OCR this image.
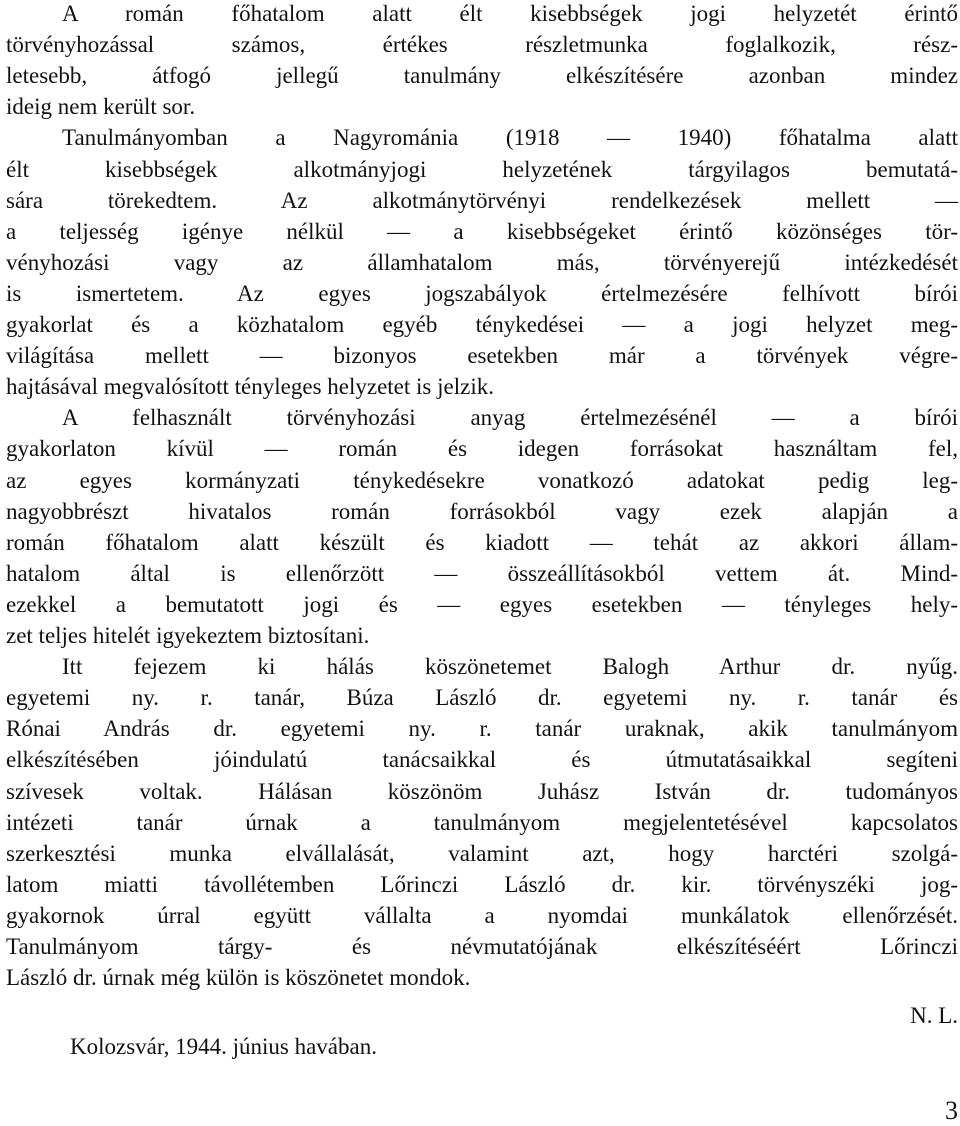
A román főhatalom alatt élt kisebbségek jogi helyzetét érintő
törvényhozással számos, értékes részletmunka foglalkozik, rész-
letesebb, átfogó jellegű tanulmány elkészítésére azonban mindez
ideig nem került sor.
Tanulmányomban a Nagyrománia (1918 — 1940) főhatalma alatt
élt kisebbségek alkotmányjogi helyzetének tárgyilagos bemutatá-
sára törekedtem. Az alkotmánytörvényi rendelkezések mellett —
a teljesség igénye nélkül — a kisebbségeket érintő közönséges tör-
vényhozási vagy az államhatalom más, törvényerejű intézkedését
is ismertetem. Az egyes jogszabályok értelmezésére felhívott bírói
gyakorlat és a közhatalom egyéb ténykedései — a jogi helyzet meg-
világítása mellett — bizonyos esetekben már a törvények végre-
hajtásával megvalósított tényleges helyzetet is jelzik.
A felhasznált törvényhozási anyag értelmezésénél — a bírói
gyakorlaton kívül — román és idegen forrásokat használtam fel,
az egyes kormányzati ténykedésekre vonatkozó adatokat pedig leg-
nagyobbrészt hivatalos román forrásokból vagy ezek alapján a
román főhatalom alatt készült és kiadott — tehát az akkori állam-
hatalom által is ellenőrzött — összeállításokból vettem át. Mind-
ezekkel a bemutatott jogi és — egyes esetekben — tényleges hely-
zet teljes hitelét igyekeztem biztosítani.
Itt fejezem ki hálás köszönetemet Balogh Arthur dr. nyűg.
egyetemi ny. r. tanár, Búza László dr. egyetemi ny. r. tanár és
Rónai András dr. egyetemi ny. r. tanár uraknak, akik tanulmányom
elkészítésében jóindulatú tanácsaikkal és útmutatásaikkal segíteni
szívesek voltak. Hálásan köszönöm Juhász István dr. tudományos
intézeti tanár úrnak a tanulmányom megjelentetésével kapcsolatos
szerkesztési munka elvállalását, valamint azt, hogy harctéri szolgá-
latom miatti távollétemben Lőrinczi László dr. kir. törvényszéki jog-
gyakornok úrral együtt vállalta a nyomdai munkálatok ellenőrzését.
Tanulmányom tárgy- és névmutatójának elkészítéséért Lőrinczi
László dr. úrnak még külön is köszönetet mondok.
N. L.
Kolozsvár, 1944. június havában.
3
